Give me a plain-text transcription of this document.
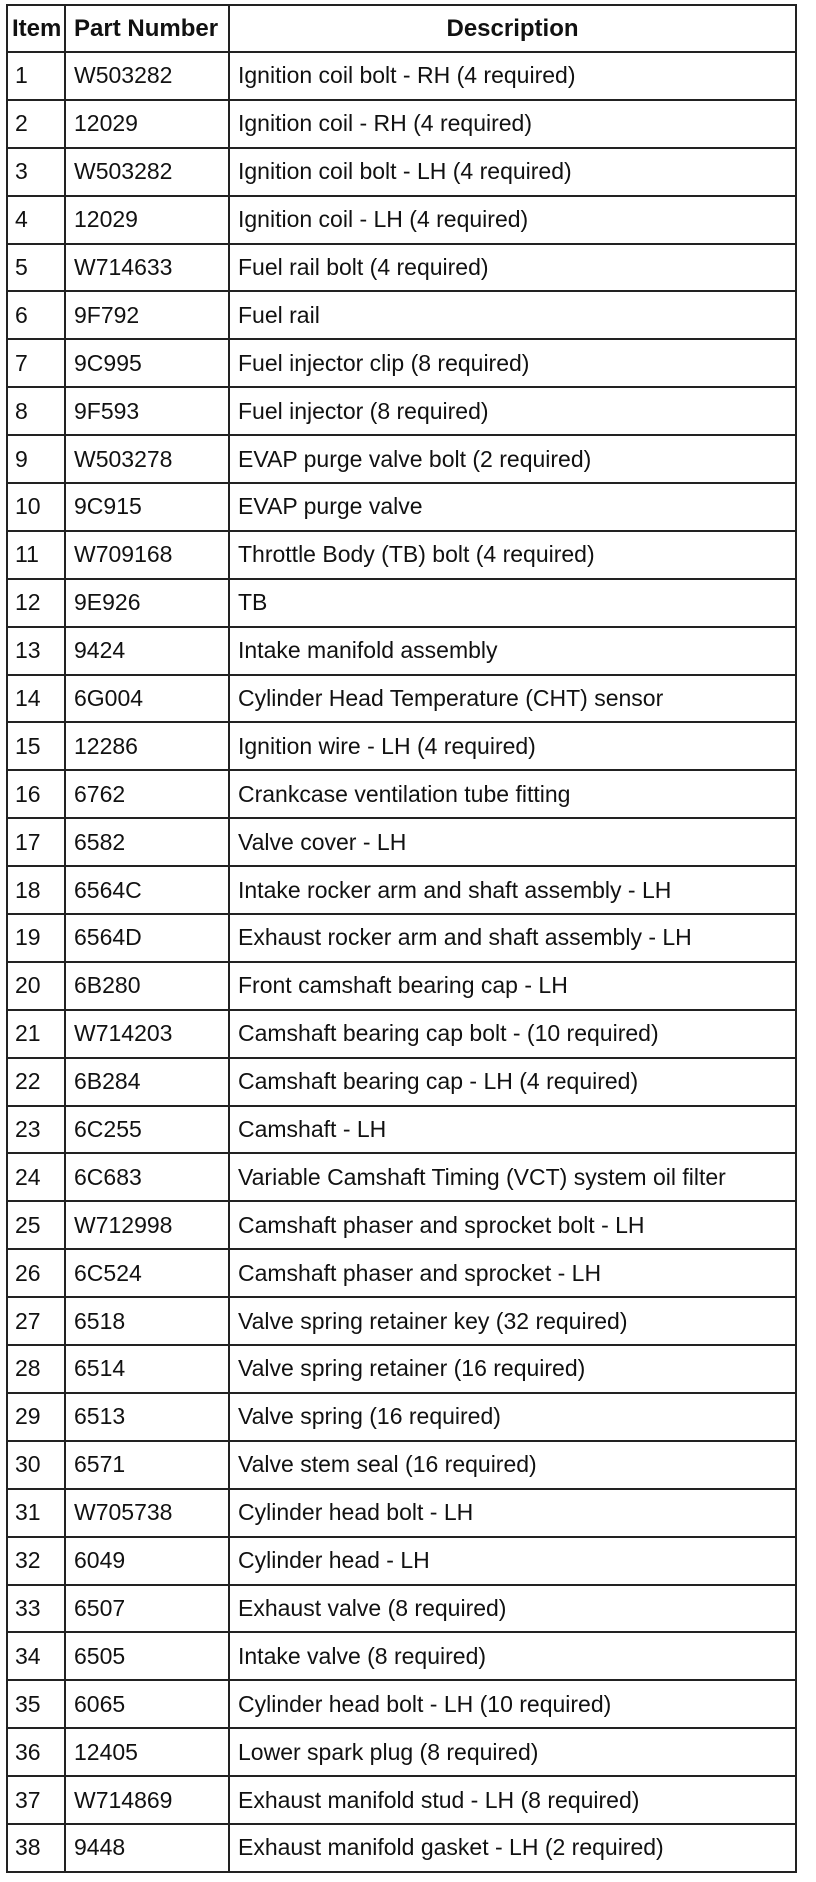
Item	Part Number	Description
1	W503282	Ignition coil bolt - RH (4 required)
2	12029	Ignition coil - RH (4 required)
3	W503282	Ignition coil bolt - LH (4 required)
4	12029	Ignition coil - LH (4 required)
5	W714633	Fuel rail bolt (4 required)
6	9F792	Fuel rail
7	9C995	Fuel injector clip (8 required)
8	9F593	Fuel injector (8 required)
9	W503278	EVAP purge valve bolt (2 required)
10	9C915	EVAP purge valve
11	W709168	Throttle Body (TB) bolt (4 required)
12	9E926	TB
13	9424	Intake manifold assembly
14	6G004	Cylinder Head Temperature (CHT) sensor
15	12286	Ignition wire - LH (4 required)
16	6762	Crankcase ventilation tube fitting
17	6582	Valve cover - LH
18	6564C	Intake rocker arm and shaft assembly - LH
19	6564D	Exhaust rocker arm and shaft assembly - LH
20	6B280	Front camshaft bearing cap - LH
21	W714203	Camshaft bearing cap bolt - (10 required)
22	6B284	Camshaft bearing cap - LH (4 required)
23	6C255	Camshaft - LH
24	6C683	Variable Camshaft Timing (VCT) system oil filter
25	W712998	Camshaft phaser and sprocket bolt - LH
26	6C524	Camshaft phaser and sprocket - LH
27	6518	Valve spring retainer key (32 required)
28	6514	Valve spring retainer (16 required)
29	6513	Valve spring (16 required)
30	6571	Valve stem seal (16 required)
31	W705738	Cylinder head bolt - LH
32	6049	Cylinder head - LH
33	6507	Exhaust valve (8 required)
34	6505	Intake valve (8 required)
35	6065	Cylinder head bolt - LH (10 required)
36	12405	Lower spark plug (8 required)
37	W714869	Exhaust manifold stud - LH (8 required)
38	9448	Exhaust manifold gasket - LH (2 required)
